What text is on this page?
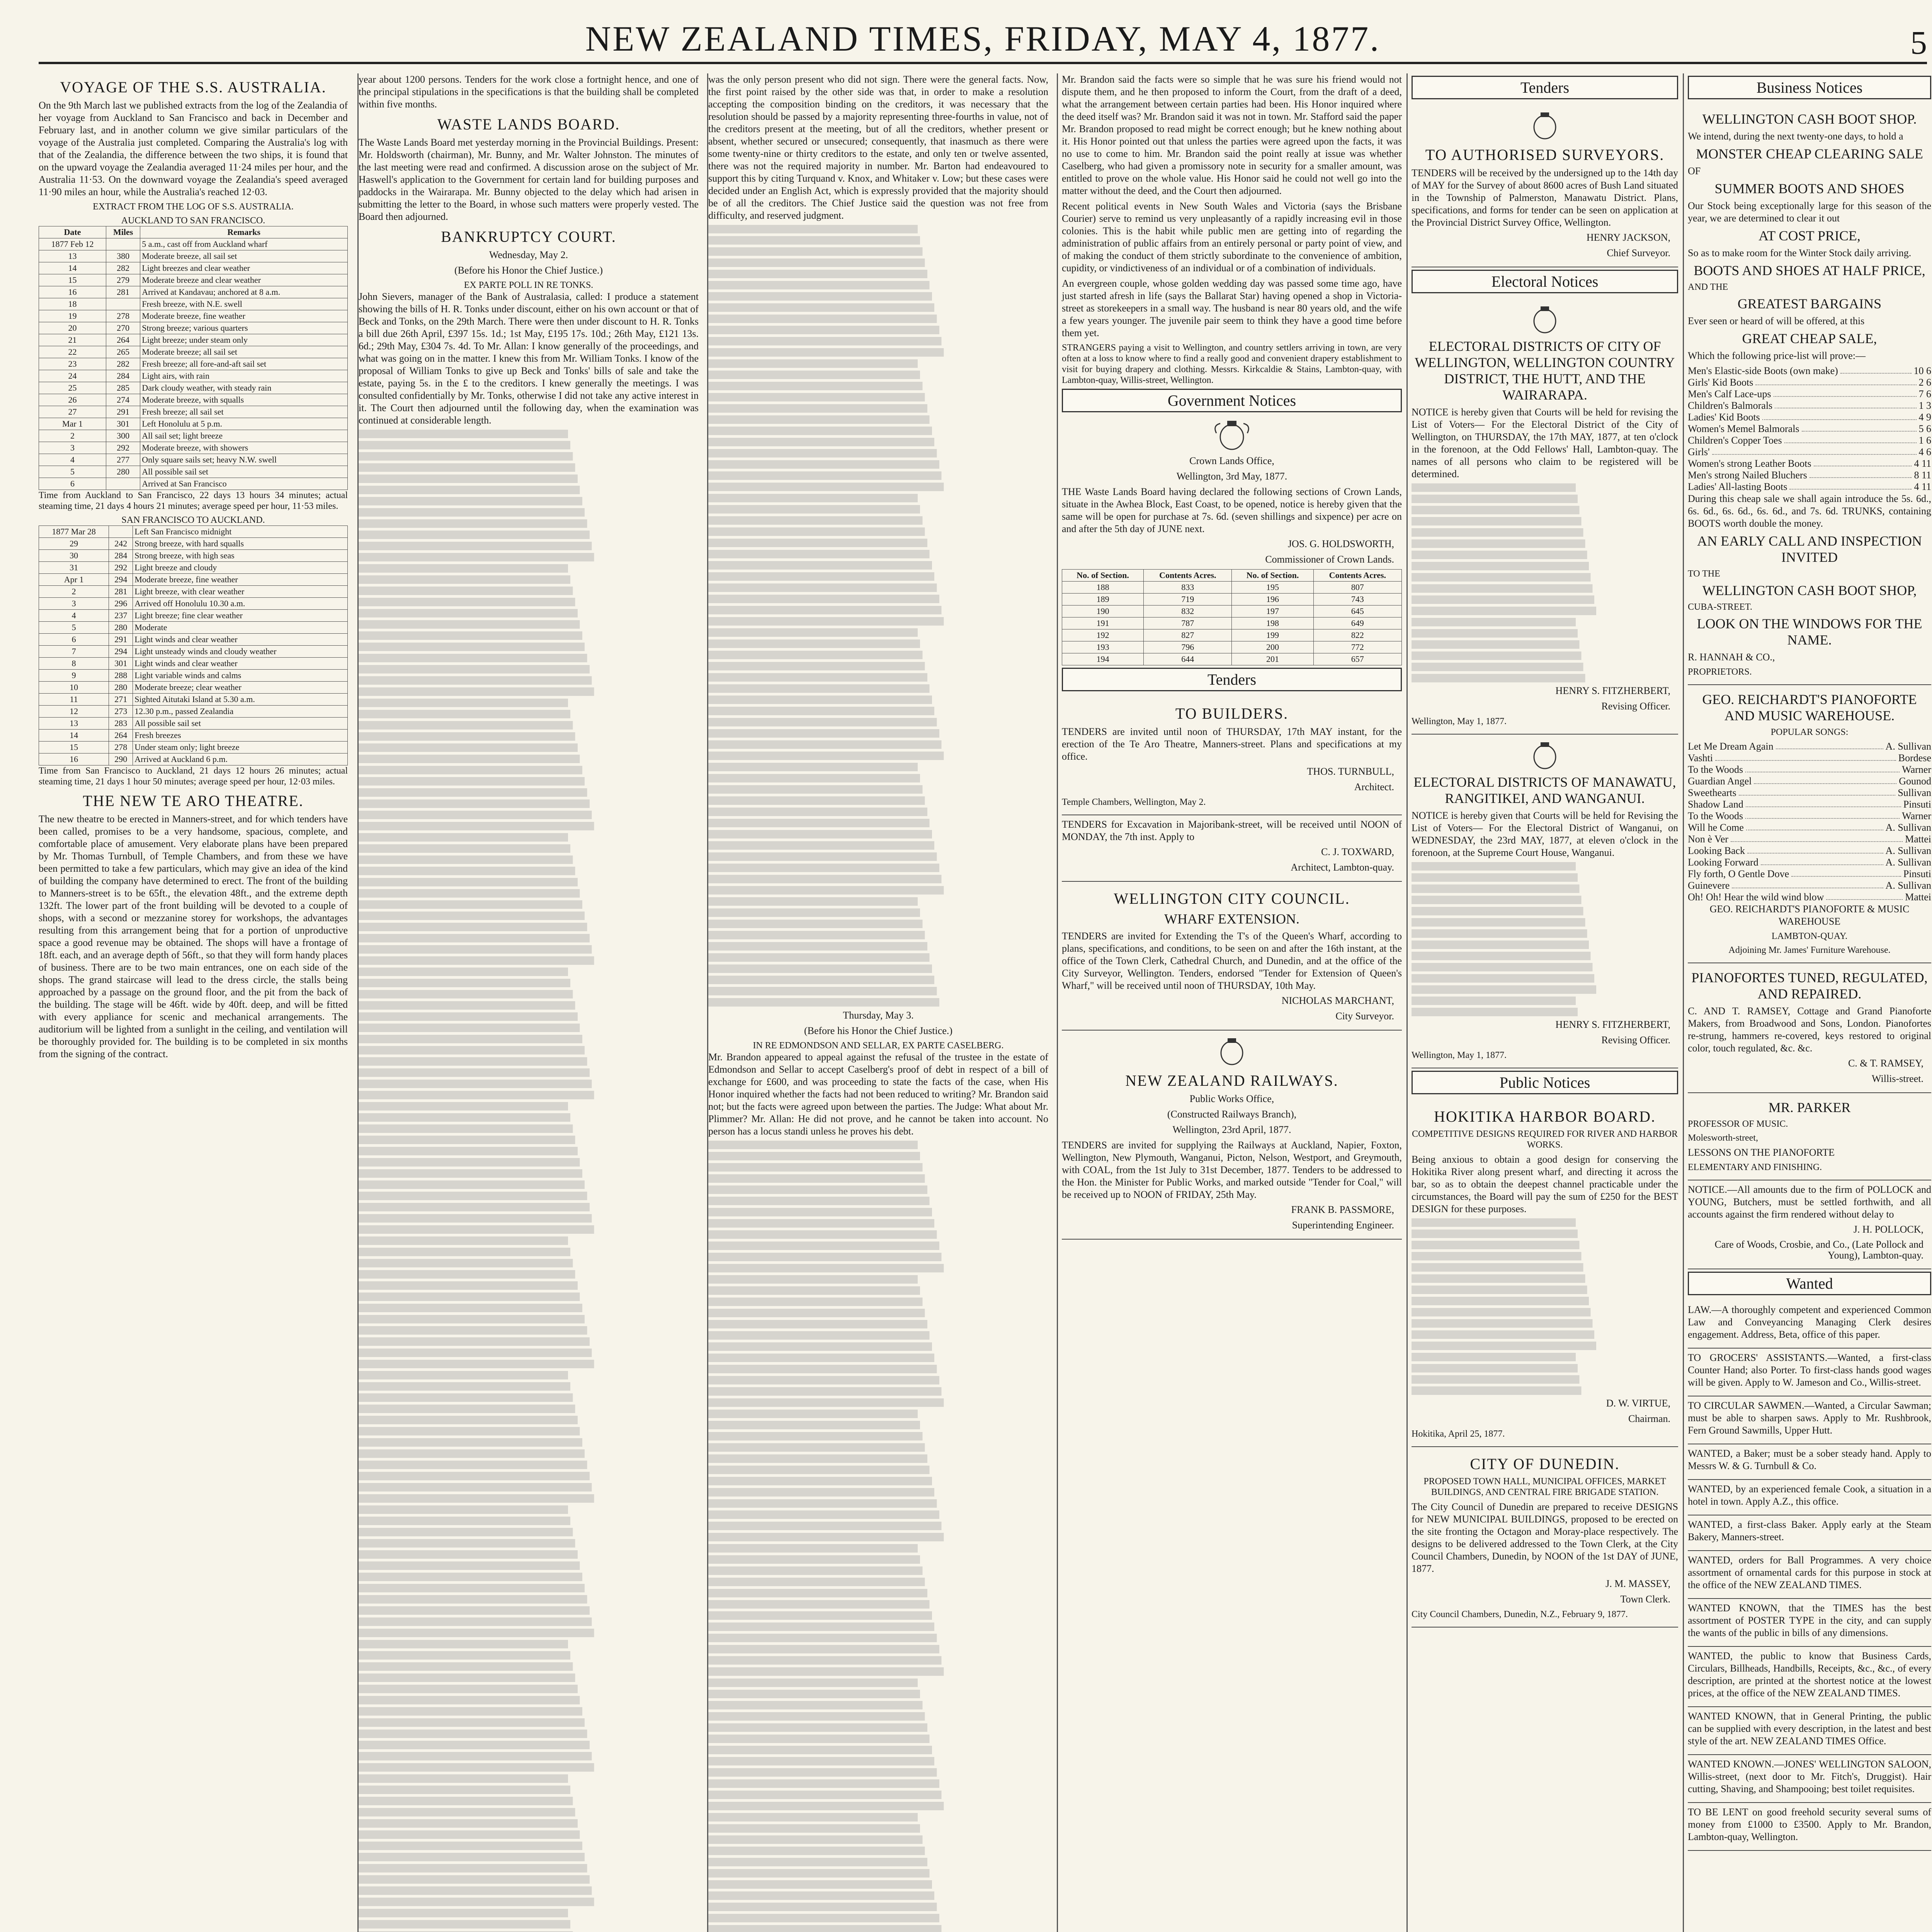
NEW ZEALAND TIMES, FRIDAY, MAY 4, 1877.	5
VOYAGE OF THE S.S. AUSTRALIA.

On the 9th March last we published extracts from the log of the Zealandia of her voyage from Auckland to San Francisco and back in December and February last, and in another column we give similar particulars of the voyage of the Australia just completed. Comparing the Australia's log with that of the Zealandia, the difference between the two ships, it is found that on the upward voyage the Zealandia averaged 11·24 miles per hour, and the Australia 11·53. On the downward voyage the Zealandia's speed averaged 11·90 miles an hour, while the Australia's reached 12·03.

EXTRACT FROM THE LOG OF S.S. AUSTRALIA.
AUCKLAND TO SAN FRANCISCO.
Date	Miles	Remarks
1877 Feb 12		5 a.m., cast off from Auckland wharf
13	380	Moderate breeze, all sail set
14	282	Light breezes and clear weather
15	279	Moderate breeze and clear weather
16	281	Arrived at Kandavau; anchored at 8 a.m.
18		Fresh breeze, with N.E. swell
19	278	Moderate breeze, fine weather
20	270	Strong breeze; various quarters
21	264	Light breeze; under steam only
22	265	Moderate breeze; all sail set
23	282	Fresh breeze; all fore-and-aft sail set
24	284	Light airs, with rain
25	285	Dark cloudy weather, with steady rain
26	274	Moderate breeze, with squalls
27	291	Fresh breeze; all sail set
Mar 1	301	Left Honolulu at 5 p.m.
2	300	All sail set; light breeze
3	292	Moderate breeze, with showers
4	277	Only square sails set; heavy N.W. swell
5	280	All possible sail set
6		Arrived at San Francisco

Time from Auckland to San Francisco, 22 days 13 hours 34 minutes; actual steaming time, 21 days 4 hours 21 minutes; average speed per hour, 11·53 miles.

SAN FRANCISCO TO AUCKLAND.
1877 Mar 28		Left San Francisco midnight
29	242	Strong breeze, with hard squalls
30	284	Strong breeze, with high seas
31	292	Light breeze and cloudy
Apr 1	294	Moderate breeze, fine weather
2	281	Light breeze, with clear weather
3	296	Arrived off Honolulu 10.30 a.m.
4	237	Light breeze; fine clear weather
5	280	Moderate
6	291	Light winds and clear weather
7	294	Light unsteady winds and cloudy weather
8	301	Light winds and clear weather
9	288	Light variable winds and calms
10	280	Moderate breeze; clear weather
11	271	Sighted Aitutaki Island at 5.30 a.m.
12	273	12.30 p.m., passed Zealandia
13	283	All possible sail set
14	264	Fresh breezes
15	278	Under steam only; light breeze
16	290	Arrived at Auckland 6 p.m.

Time from San Francisco to Auckland, 21 days 12 hours 26 minutes; actual steaming time, 21 days 1 hour 50 minutes; average speed per hour, 12·03 miles.

THE NEW TE ARO THEATRE.

The new theatre to be erected in Manners-street, and for which tenders have been called, promises to be a very handsome, spacious, complete, and comfortable place of amusement. Very elaborate plans have been prepared by Mr. Thomas Turnbull, of Temple Chambers, and from these we have been permitted to take a few particulars, which may give an idea of the kind of building the company have determined to erect. The front of the building to Manners-street is to be 65ft., the elevation 48ft., and the extreme depth 132ft. The lower part of the front building will be devoted to a couple of shops, with a second or mezzanine storey for workshops, the advantages resulting from this arrangement being that for a portion of unproductive space a good revenue may be obtained. The shops will have a frontage of 18ft. each, and an average depth of 56ft., so that they will form handy places of business. There are to be two main entrances, one on each side of the shops. The grand staircase will lead to the dress circle, the stalls being approached by a passage on the ground floor, and the pit from the back of the building. The stage will be 46ft. wide by 40ft. deep, and will be fitted with every appliance for scenic and mechanical arrangements. The auditorium will be lighted from a sunlight in the ceiling, and ventilation will be thoroughly provided for. The building is to be completed in six months from the signing of the contract.

year about 1200 persons. Tenders for the work close a fortnight hence, and one of the principal stipulations in the specifications is that the building shall be completed within five months.

WASTE LANDS BOARD.

The Waste Lands Board met yesterday morning in the Provincial Buildings. Present: Mr. Holdsworth (chairman), Mr. Bunny, and Mr. Walter Johnston. The minutes of the last meeting were read and confirmed. A discussion arose on the subject of Mr. Haswell's application to the Government for certain land for building purposes and paddocks in the Wairarapa. Mr. Bunny objected to the delay which had arisen in submitting the letter to the Board, in whose such matters were properly vested. The Board then adjourned.

BANKRUPTCY COURT.
Wednesday, May 2.
(Before his Honor the Chief Justice.)
EX PARTE POLL IN RE TONKS.

John Sievers, manager of the Bank of Australasia, called: I produce a statement showing the bills of H. R. Tonks under discount, either on his own account or that of Beck and Tonks, on the 29th March. There were then under discount to H. R. Tonks a bill due 26th April, £397 15s. 1d.; 1st May, £195 17s. 10d.; 26th May, £121 13s. 6d.; 29th May, £304 7s. 4d. To Mr. Allan: I know generally of the proceedings, and what was going on in the matter. I knew this from Mr. William Tonks. I know of the proposal of William Tonks to give up Beck and Tonks' bills of sale and take the estate, paying 5s. in the £ to the creditors. I knew generally the meetings. I was consulted confidentially by Mr. Tonks, otherwise I did not take any active interest in it. The Court then adjourned until the following day, when the examination was continued at considerable length.

was the only person present who did not sign. There were the general facts. Now, the first point raised by the other side was that, in order to make a resolution accepting the composition binding on the creditors, it was necessary that the resolution should be passed by a majority representing three-fourths in value, not of the creditors present at the meeting, but of all the creditors, whether present or absent, whether secured or unsecured; consequently, that inasmuch as there were some twenty-nine or thirty creditors to the estate, and only ten or twelve assented, there was not the required majority in number. Mr. Barton had endeavoured to support this by citing Turquand v. Knox, and Whitaker v. Low; but these cases were decided under an English Act, which is expressly provided that the majority should be of all the creditors. The Chief Justice said the question was not free from difficulty, and reserved judgment.

Thursday, May 3.
(Before his Honor the Chief Justice.)
IN RE EDMONDSON AND SELLAR, EX PARTE CASELBERG.

Mr. Brandon appeared to appeal against the refusal of the trustee in the estate of Edmondson and Sellar to accept Caselberg's proof of debt in respect of a bill of exchange for £600, and was proceeding to state the facts of the case, when His Honor inquired whether the facts had not been reduced to writing? Mr. Brandon said not; but the facts were agreed upon between the parties. The Judge: What about Mr. Plimmer? Mr. Allan: He did not prove, and he cannot be taken into account. No person has a locus standi unless he proves his debt.

Mr. Brandon said the facts were so simple that he was sure his friend would not dispute them, and he then proposed to inform the Court, from the draft of a deed, what the arrangement between certain parties had been. His Honor inquired where the deed itself was? Mr. Brandon said it was not in town. Mr. Stafford said the paper Mr. Brandon proposed to read might be correct enough; but he knew nothing about it. His Honor pointed out that unless the parties were agreed upon the facts, it was no use to come to him. Mr. Brandon said the point really at issue was whether Caselberg, who had given a promissory note in security for a smaller amount, was entitled to prove on the whole value. His Honor said he could not well go into the matter without the deed, and the Court then adjourned.

Recent political events in New South Wales and Victoria (says the Brisbane Courier) serve to remind us very unpleasantly of a rapidly increasing evil in those colonies. This is the habit while public men are getting into of regarding the administration of public affairs from an entirely personal or party point of view, and of making the conduct of them strictly subordinate to the convenience of ambition, cupidity, or vindictiveness of an individual or of a combination of individuals.

An evergreen couple, whose golden wedding day was passed some time ago, have just started afresh in life (says the Ballarat Star) having opened a shop in Victoria-street as storekeepers in a small way. The husband is near 80 years old, and the wife a few years younger. The juvenile pair seem to think they have a good time before them yet.

STRANGERS paying a visit to Wellington, and country settlers arriving in town, are very often at a loss to know where to find a really good and convenient drapery establishment to visit for buying drapery and clothing. Messrs. Kirkcaldie & Stains, Lambton-quay, with Lambton-quay, Willis-street, Wellington.

Government Notices
Crown Lands Office,
Wellington, 3rd May, 1877.

THE Waste Lands Board having declared the following sections of Crown Lands, situate in the Awhea Block, East Coast, to be opened, notice is hereby given that the same will be open for purchase at 7s. 6d. (seven shillings and sixpence) per acre on and after the 5th day of JUNE next.

JOS. G. HOLDSWORTH,
Commissioner of Crown Lands.
No. of Section.	Contents Acres.	No. of Section.	Contents Acres.
188	833	195	807
189	719	196	743
190	832	197	645
191	787	198	649
192	827	199	822
193	796	200	772
194	644	201	657
Tenders
TO BUILDERS.

TENDERS are invited until noon of THURSDAY, 17th MAY instant, for the erection of the Te Aro Theatre, Manners-street. Plans and specifications at my office.

THOS. TURNBULL,
Architect.
Temple Chambers, Wellington, May 2.

TENDERS for Excavation in Majoribank-street, will be received until NOON of MONDAY, the 7th inst. Apply to

C. J. TOXWARD,
Architect, Lambton-quay.
WELLINGTON CITY COUNCIL.
WHARF EXTENSION.

TENDERS are invited for Extending the T's of the Queen's Wharf, according to plans, specifications, and conditions, to be seen on and after the 16th instant, at the office of the Town Clerk, Cathedral Church, and Dunedin, and at the office of the City Surveyor, Wellington. Tenders, endorsed "Tender for Extension of Queen's Wharf," will be received until noon of THURSDAY, 10th May.

NICHOLAS MARCHANT,
City Surveyor.
NEW ZEALAND RAILWAYS.
Public Works Office,
(Constructed Railways Branch),
Wellington, 23rd April, 1877.

TENDERS are invited for supplying the Railways at Auckland, Napier, Foxton, Wellington, New Plymouth, Wanganui, Picton, Nelson, Westport, and Greymouth, with COAL, from the 1st July to 31st December, 1877. Tenders to be addressed to the Hon. the Minister for Public Works, and marked outside "Tender for Coal," will be received up to NOON of FRIDAY, 25th May.

FRANK B. PASSMORE,
Superintending Engineer.
Tenders
TO AUTHORISED SURVEYORS.

TENDERS will be received by the undersigned up to the 14th day of MAY for the Survey of about 8600 acres of Bush Land situated in the Township of Palmerston, Manawatu District. Plans, specifications, and forms for tender can be seen on application at the Provincial District Survey Office, Wellington.

HENRY JACKSON,
Chief Surveyor.
Electoral Notices
ELECTORAL DISTRICTS OF CITY OF WELLINGTON, WELLINGTON COUNTRY DISTRICT, THE HUTT, AND THE WAIRARAPA.

NOTICE is hereby given that Courts will be held for revising the List of Voters— For the Electoral District of the City of Wellington, on THURSDAY, the 17th MAY, 1877, at ten o'clock in the forenoon, at the Odd Fellows' Hall, Lambton-quay. The names of all persons who claim to be registered will be determined.

HENRY S. FITZHERBERT,
Revising Officer.
Wellington, May 1, 1877.
ELECTORAL DISTRICTS OF MANAWATU, RANGITIKEI, AND WANGANUI.

NOTICE is hereby given that Courts will be held for Revising the List of Voters— For the Electoral District of Wanganui, on WEDNESDAY, the 23rd MAY, 1877, at eleven o'clock in the forenoon, at the Supreme Court House, Wanganui.

HENRY S. FITZHERBERT,
Revising Officer.
Wellington, May 1, 1877.
Public Notices
HOKITIKA HARBOR BOARD.
COMPETITIVE DESIGNS REQUIRED FOR RIVER AND HARBOR WORKS.

Being anxious to obtain a good design for conserving the Hokitika River along present wharf, and directing it across the bar, so as to obtain the deepest channel practicable under the circumstances, the Board will pay the sum of £250 for the BEST DESIGN for these purposes.

D. W. VIRTUE,
Chairman.
Hokitika, April 25, 1877.
CITY OF DUNEDIN.
PROPOSED TOWN HALL, MUNICIPAL OFFICES, MARKET BUILDINGS, AND CENTRAL FIRE BRIGADE STATION.

The City Council of Dunedin are prepared to receive DESIGNS for NEW MUNICIPAL BUILDINGS, proposed to be erected on the site fronting the Octagon and Moray-place respectively. The designs to be delivered addressed to the Town Clerk, at the City Council Chambers, Dunedin, by NOON of the 1st DAY of JUNE, 1877.

J. M. MASSEY,
Town Clerk.
City Council Chambers, Dunedin, N.Z., February 9, 1877.
Business Notices
WELLINGTON CASH BOOT SHOP.
We intend, during the next twenty-one days, to hold a
MONSTER CHEAP CLEARING SALE
OF
SUMMER BOOTS AND SHOES
Our Stock being exceptionally large for this season of the year, we are determined to clear it out
AT COST PRICE,
So as to make room for the Winter Stock daily arriving.
BOOTS AND SHOES AT HALF PRICE,
AND THE
GREATEST BARGAINS
Ever seen or heard of will be offered, at this
GREAT CHEAP SALE,
Which the following price-list will prove:—
Men's Elastic-side Boots (own make)	10 6
Girls' Kid Boots	2 6
Men's Calf Lace-ups	7 6
Children's Balmorals	1 3
Ladies' Kid Boots	4 9
Women's Memel Balmorals	5 6
Children's Copper Toes	1 6
Girls'	4 6
Women's strong Leather Boots	4 11
Men's strong Nailed Bluchers	8 11
Ladies' All-lasting Boots	4 11

During this cheap sale we shall again introduce the 5s. 6d., 6s. 6d., 6s. 6d., 6s. 6d., and 7s. 6d. TRUNKS, containing BOOTS worth double the money.

AN EARLY CALL AND INSPECTION INVITED
TO THE
WELLINGTON CASH BOOT SHOP,
CUBA-STREET.
LOOK ON THE WINDOWS FOR THE NAME.
R. HANNAH & CO.,
PROPRIETORS.
GEO. REICHARDT'S PIANOFORTE AND MUSIC WAREHOUSE.
POPULAR SONGS:
Let Me Dream Again	A. Sullivan
Vashti	Bordese
To the Woods	Warner
Guardian Angel	Gounod
Sweethearts	Sullivan
Shadow Land	Pinsuti
To the Woods	Warner
Will he Come	A. Sullivan
Non è Ver	Mattei
Looking Back	A. Sullivan
Looking Forward	A. Sullivan
Fly forth, O Gentle Dove	Pinsuti
Guinevere	A. Sullivan
Oh! Oh! Hear the wild wind blow	Mattei
GEO. REICHARDT'S PIANOFORTE & MUSIC WAREHOUSE
LAMBTON-QUAY.
Adjoining Mr. James' Furniture Warehouse.
PIANOFORTES TUNED, REGULATED, AND REPAIRED.

C. AND T. RAMSEY, Cottage and Grand Pianoforte Makers, from Broadwood and Sons, London. Pianofortes re-strung, hammers re-covered, keys restored to original color, touch regulated, &c. &c.

C. & T. RAMSEY,
Willis-street.
MR. PARKER
PROFESSOR OF MUSIC.
Molesworth-street,
LESSONS ON THE PIANOFORTE
ELEMENTARY AND FINISHING.

NOTICE.—All amounts due to the firm of POLLOCK and YOUNG, Butchers, must be settled forthwith, and all accounts against the firm rendered without delay to

J. H. POLLOCK,
Care of Woods, Crosbie, and Co., (Late Pollock and Young), Lambton-quay.
Wanted

LAW.—A thoroughly competent and experienced Common Law and Conveyancing Managing Clerk desires engagement. Address, Beta, office of this paper.

TO GROCERS' ASSISTANTS.—Wanted, a first-class Counter Hand; also Porter. To first-class hands good wages will be given. Apply to W. Jameson and Co., Willis-street.

TO CIRCULAR SAWMEN.—Wanted, a Circular Sawman; must be able to sharpen saws. Apply to Mr. Rushbrook, Fern Ground Sawmills, Upper Hutt.

WANTED, a Baker; must be a sober steady hand. Apply to Messrs W. & G. Turnbull & Co.

WANTED, by an experienced female Cook, a situation in a hotel in town. Apply A.Z., this office.

WANTED, a first-class Baker. Apply early at the Steam Bakery, Manners-street.

WANTED, orders for Ball Programmes. A very choice assortment of ornamental cards for this purpose in stock at the office of the NEW ZEALAND TIMES.

WANTED KNOWN, that the TIMES has the best assortment of POSTER TYPE in the city, and can supply the wants of the public in bills of any dimensions.

WANTED, the public to know that Business Cards, Circulars, Billheads, Handbills, Receipts, &c., &c., of every description, are printed at the shortest notice at the lowest prices, at the office of the NEW ZEALAND TIMES.

WANTED KNOWN, that in General Printing, the public can be supplied with every description, in the latest and best style of the art. NEW ZEALAND TIMES Office.

WANTED KNOWN.—JONES' WELLINGTON SALOON, Willis-street, (next door to Mr. Fitch's, Druggist). Hair cutting, Shaving, and Shampooing; best toilet requisites.

TO BE LENT on good freehold security several sums of money from £1000 to £3500. Apply to Mr. Brandon, Lambton-quay, Wellington.
